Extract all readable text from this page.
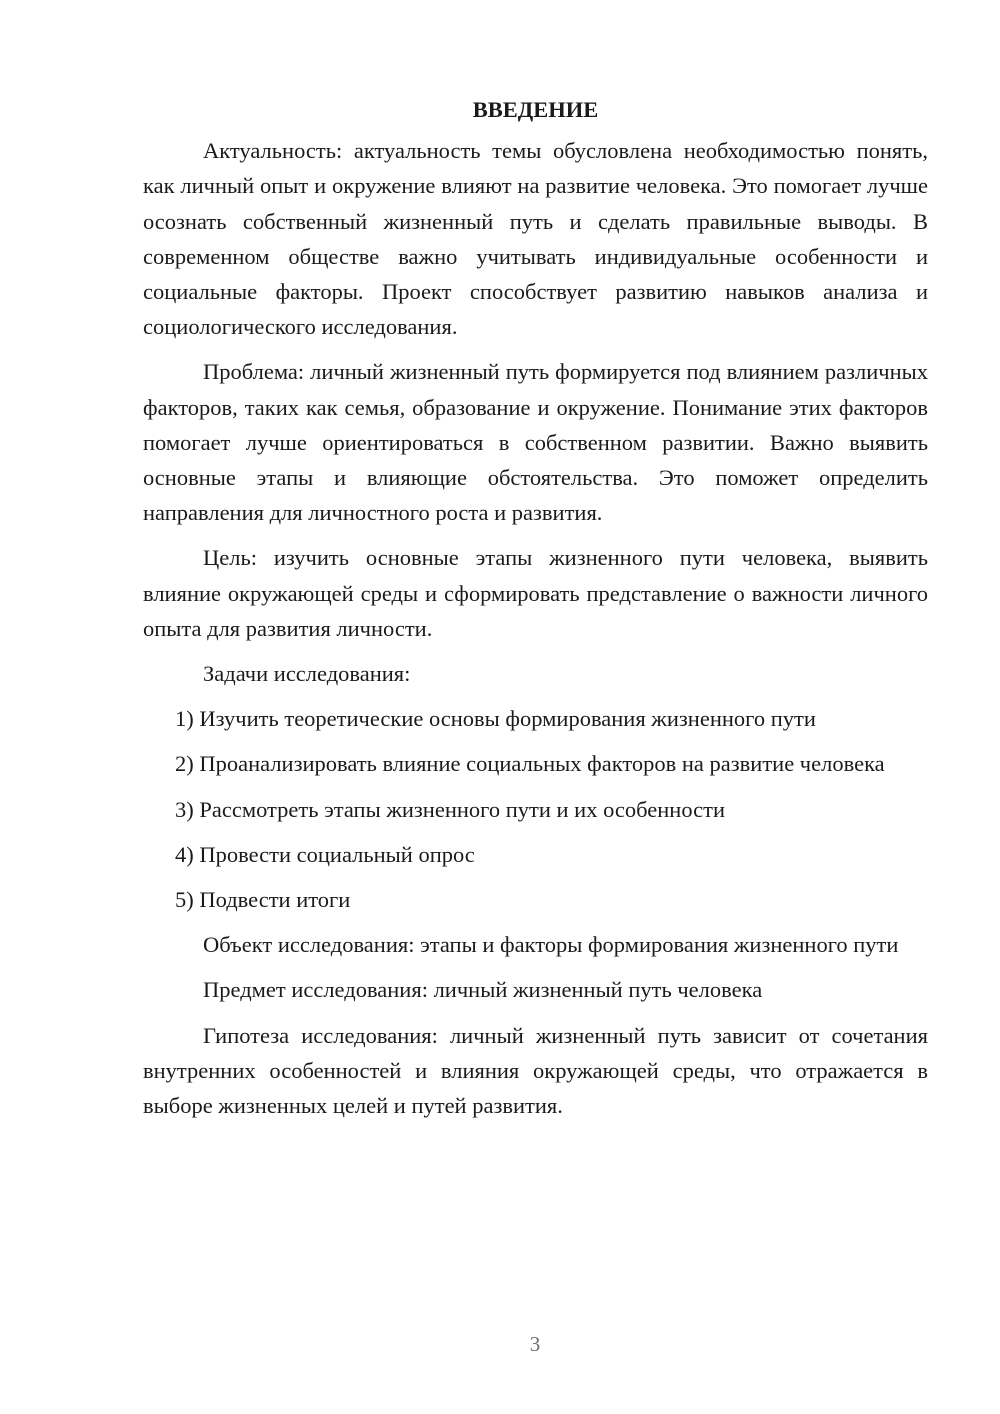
ВВЕДЕНИЕ

Актуальность: актуальность темы обусловлена необходимостью понять, как личный опыт и окружение влияют на развитие человека. Это помогает лучше осознать собственный жизненный путь и сделать правильные выводы. В современном обществе важно учитывать индивидуальные особенности и социальные факторы. Проект способствует развитию навыков анализа и социологического исследования.

Проблема: личный жизненный путь формируется под влиянием различных факторов, таких как семья, образование и окружение. Понимание этих факторов помогает лучше ориентироваться в собственном развитии. Важно выявить основные этапы и влияющие обстоятельства. Это поможет определить направления для личностного роста и развития.

Цель: изучить основные этапы жизненного пути человека, выявить влияние окружающей среды и сформировать представление о важности личного опыта для развития личности.

Задачи исследования:

1) Изучить теоретические основы формирования жизненного пути

2) Проанализировать влияние социальных факторов на развитие человека

3) Рассмотреть этапы жизненного пути и их особенности

4) Провести социальный опрос

5) Подвести итоги

Объект исследования: этапы и факторы формирования жизненного пути

Предмет исследования: личный жизненный путь человека

Гипотеза исследования: личный жизненный путь зависит от сочетания внутренних особенностей и влияния окружающей среды, что отражается в выборе жизненных целей и путей развития.

3
